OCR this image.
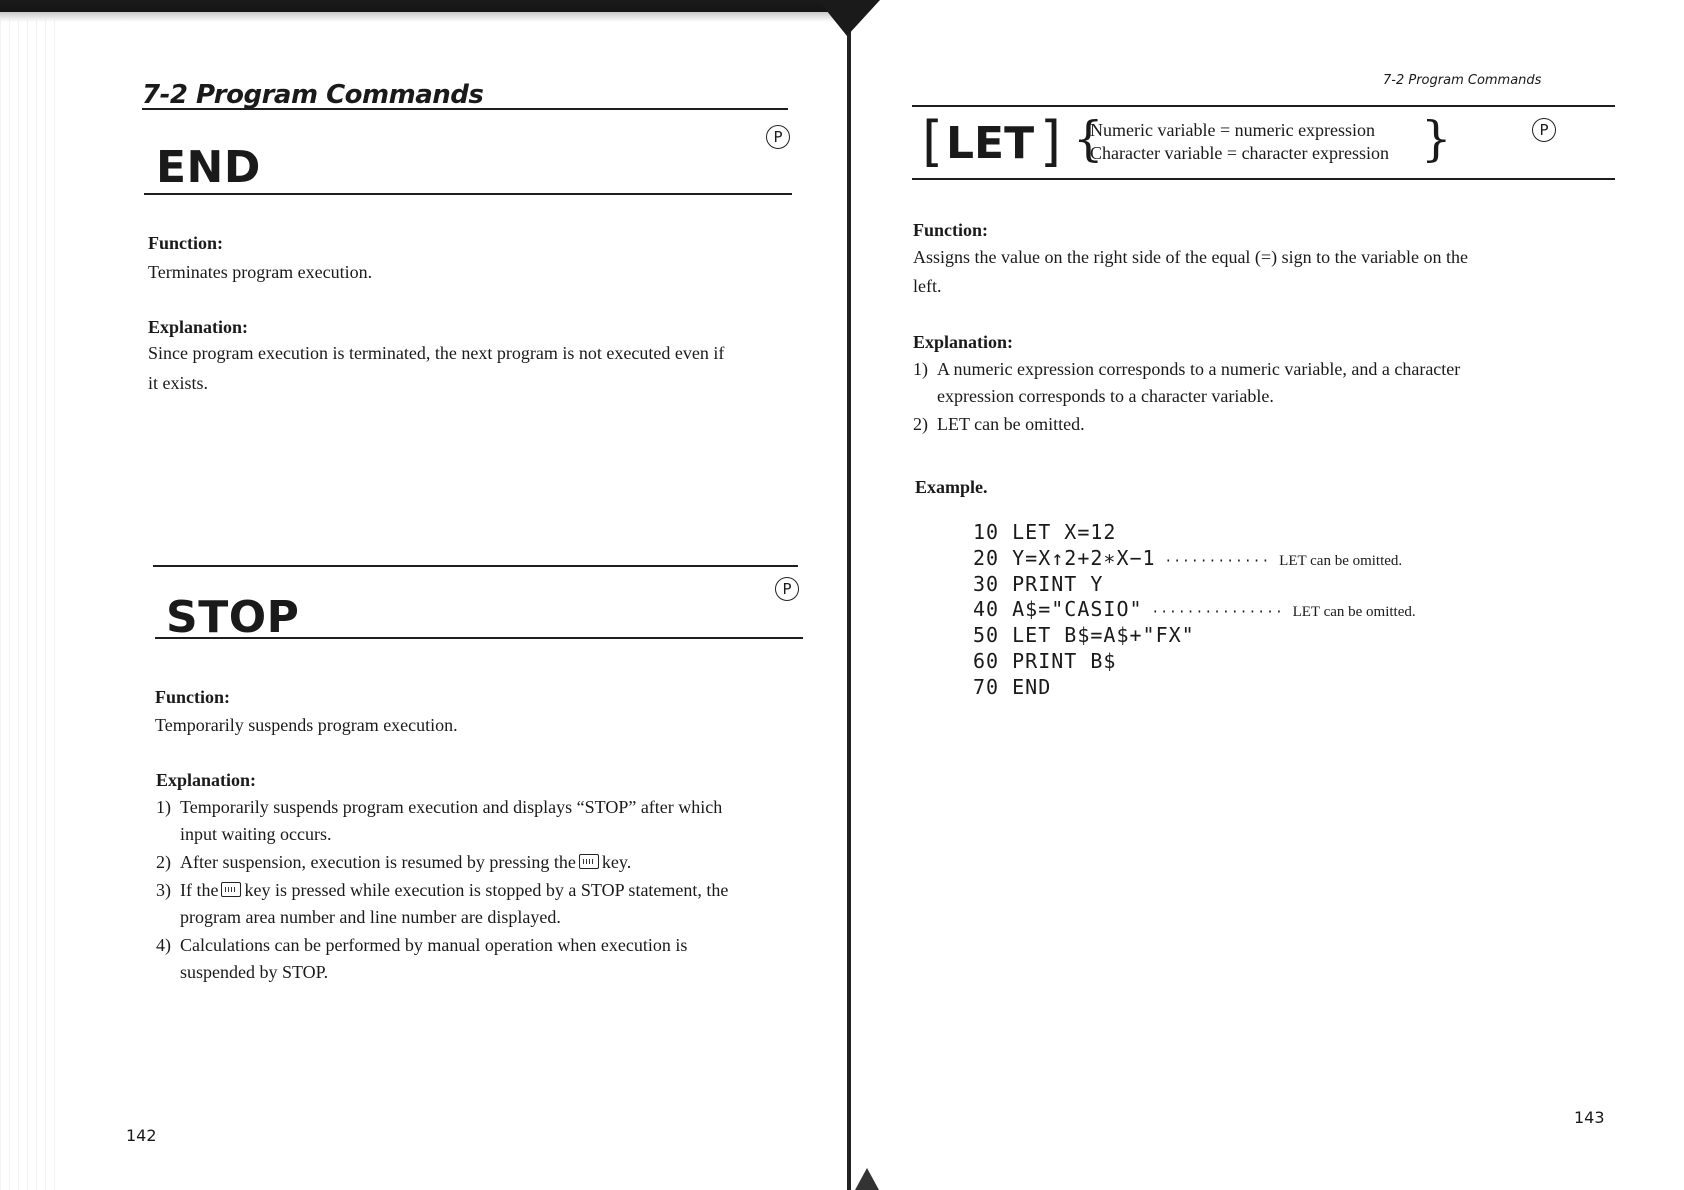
7-2 Program Commands
END
P
Function:
Terminates program execution.
Explanation:
Since program execution is terminated, the next program is not executed even if
it exists.
STOP
P
Function:
Temporarily suspends program execution.
Explanation:
1) Temporarily suspends program execution and displays “STOP” after which
input waiting occurs.
2) After suspension, execution is resumed by pressing the key.
3) If the key is pressed while execution is stopped by a STOP statement, the
program area number and line number are displayed.
4) Calculations can be performed by manual operation when execution is
suspended by STOP.
142
7-2 Program Commands
[ LET ] {
Numeric variable = numeric expression
Character variable = character expression }	P
Function:
Assigns the value on the right side of the equal (=) sign to the variable on the
left.
Explanation:
1) A numeric expression corresponds to a numeric variable, and a character
expression corresponds to a character variable.
2) LET can be omitted.
Example.
10 LET X=12
20 Y=X↑2+2∗X−1 ············ LET can be omitted.
30 PRINT Y
40 A$="CASIO" ··············· LET can be omitted.
50 LET B$=A$+"FX"
60 PRINT B$
70 END
143
